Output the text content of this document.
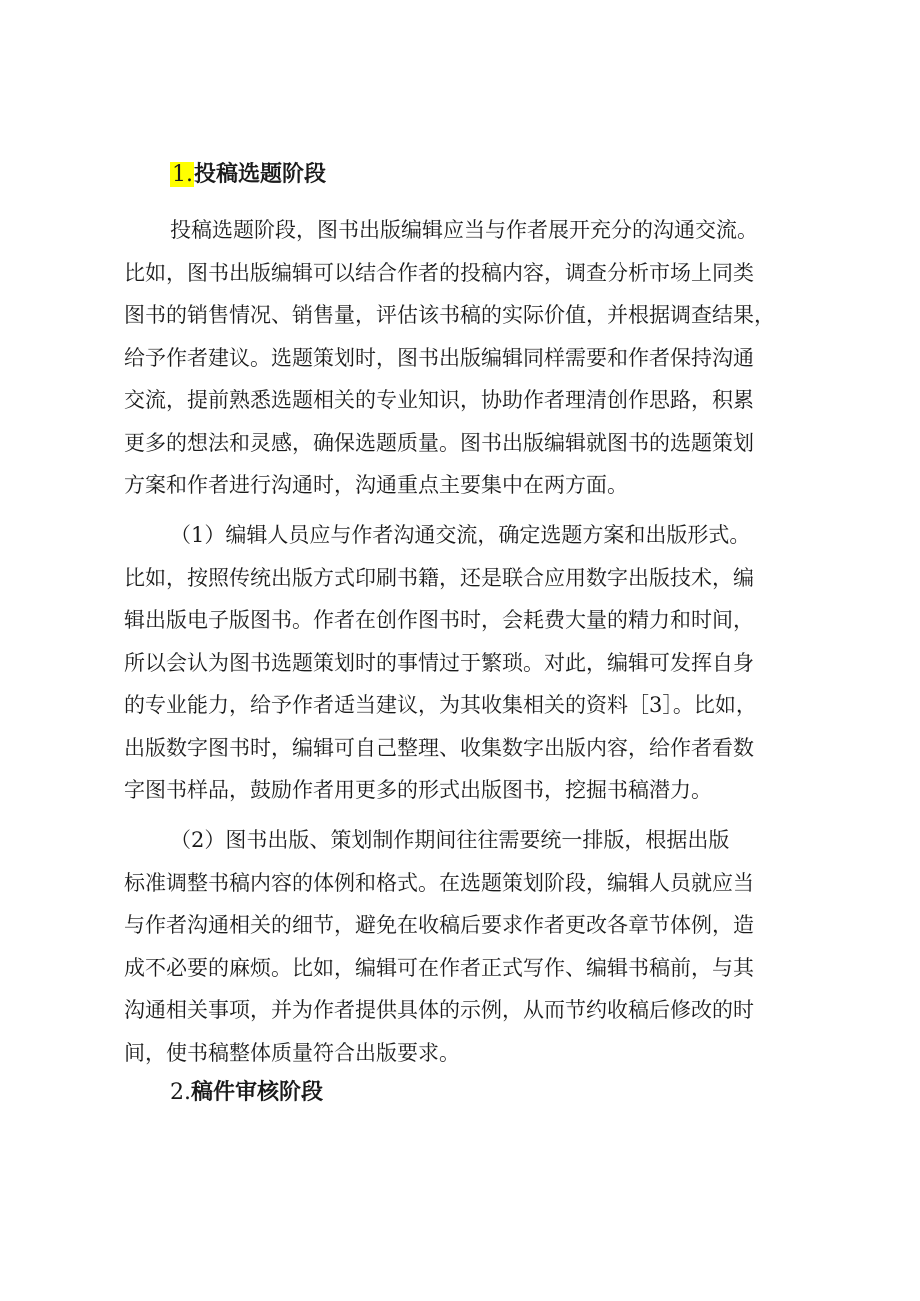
1.投稿选题阶段
投稿选题阶段，图书出版编辑应当与作者展开充分的沟通交流。
比如，图书出版编辑可以结合作者的投稿内容，调查分析市场上同类
图书的销售情况、销售量，评估该书稿的实际价值，并根据调查结果，
给予作者建议。选题策划时，图书出版编辑同样需要和作者保持沟通
交流，提前熟悉选题相关的专业知识，协助作者理清创作思路，积累
更多的想法和灵感，确保选题质量。图书出版编辑就图书的选题策划
方案和作者进行沟通时，沟通重点主要集中在两方面。
（1）编辑人员应与作者沟通交流，确定选题方案和出版形式。
比如，按照传统出版方式印刷书籍，还是联合应用数字出版技术，编
辑出版电子版图书。作者在创作图书时，会耗费大量的精力和时间，
所以会认为图书选题策划时的事情过于繁琐。对此，编辑可发挥自身
的专业能力，给予作者适当建议，为其收集相关的资料［3］。比如，
出版数字图书时，编辑可自己整理、收集数字出版内容，给作者看数
字图书样品，鼓励作者用更多的形式出版图书，挖掘书稿潜力。
（2）图书出版、策划制作期间往往需要统一排版，根据出版
标准调整书稿内容的体例和格式。在选题策划阶段，编辑人员就应当
与作者沟通相关的细节，避免在收稿后要求作者更改各章节体例，造
成不必要的麻烦。比如，编辑可在作者正式写作、编辑书稿前，与其
沟通相关事项，并为作者提供具体的示例，从而节约收稿后修改的时
间，使书稿整体质量符合出版要求。
2.稿件审核阶段
